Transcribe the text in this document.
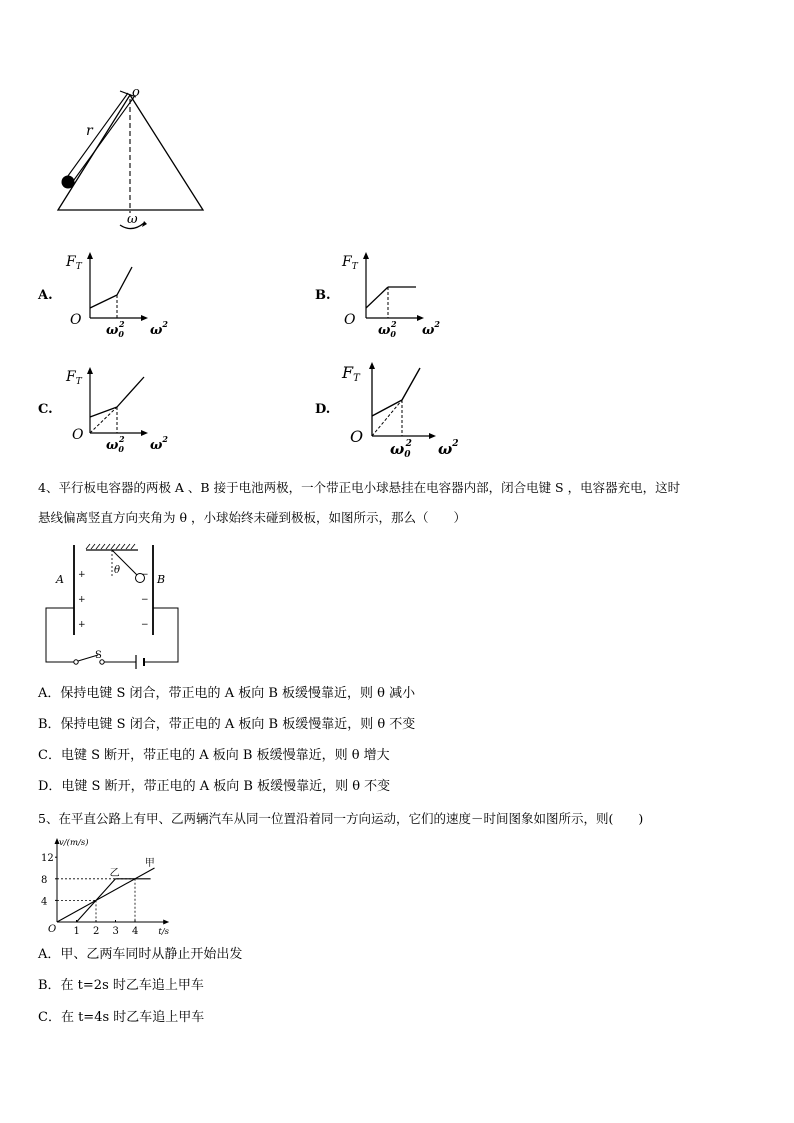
o
r
ω
A.	B.
C.	D.
$F_T$
O
$\omega_02$ $\omega^2$
$F_T$
O
$\omega_02$ $\omega^2$
$F_T$
O
$\omega_02$ $\omega^2$
FT
O
$\omega_02$ $\omega^2$
4、平行板电容器的两极 A 、B 接于电池两极，一个带正电小球悬挂在电容器内部，闭合电键 S ，电容器充电，这时
悬线偏离竖直方向夹角为 θ ，小球始终未碰到极板，如图所示，那么（　　）
A	B
θ
S
+
+
+
−
−
−
A．保持电键 S 闭合，带正电的 A 板向 B 板缓慢靠近，则 θ 减小
B．保持电键 S 闭合，带正电的 A 板向 B 板缓慢靠近，则 θ 不变
C．电键 S 断开，带正电的 A 板向 B 板缓慢靠近，则 θ 增大
D．电键 S 断开，带正电的 A 板向 B 板缓慢靠近，则 θ 不变
5、在平直公路上有甲、乙两辆汽车从同一位置沿着同一方向运动，它们的速度－时间图象如图所示，则(　　)
4
8
12
1 2 3 4
乙
甲
v/(m/s)
t/s
O
A．甲、乙两车同时从静止开始出发
B．在 t=2s 时乙车追上甲车
C．在 t=4s 时乙车追上甲车
